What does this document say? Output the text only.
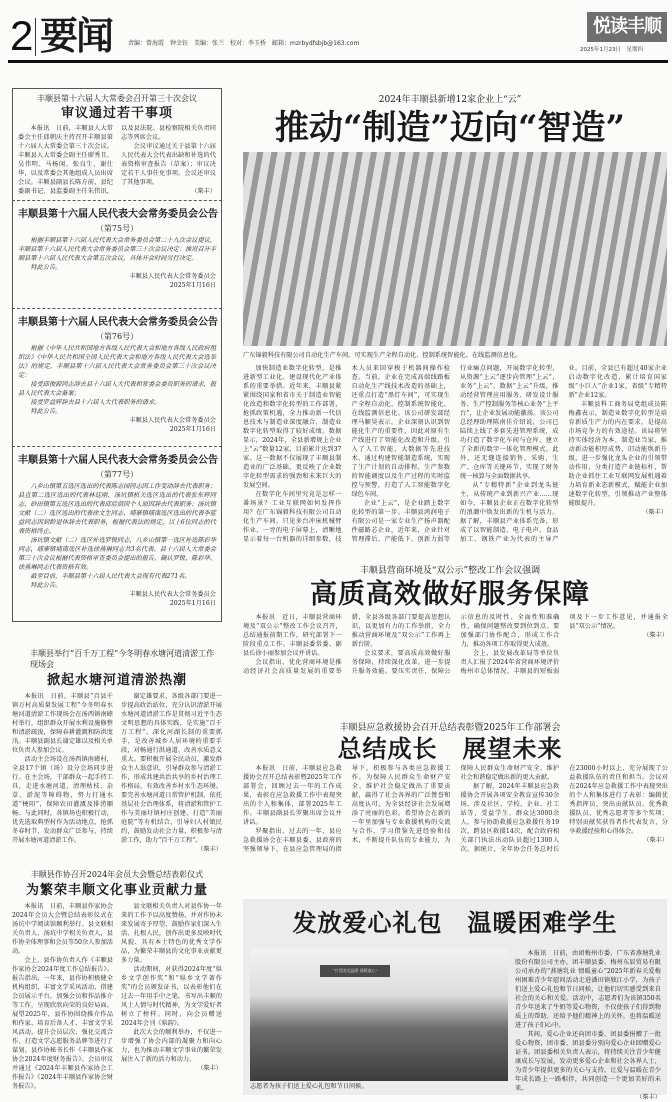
2 要闻	责编：曾海霞　钟幸钰　美编：张兰　校对：李玉桥　邮箱：mzrbydfsbjb@163.com
悦读丰顺
2025年1月23日　星期四
丰顺县第十六届人大常委会召开第三十次会议
审议通过若干事项

本报讯　日前，丰顺县人大常委会主任邱朝庆主持召开丰顺县第十六届人大常委会第三十次会议。丰顺县人大常委会副主任廖秀且、吴伟明、马杨闲、张良生、谢仕华，以及常委会其他组成人员出席会议。丰顺县副县长陈方前，县纪委副书记、县监委副主任朱伟讯，以及县法院、县检察院相关负责同志等列席会议。

会议审议通过关于县第十六届人民代表大会代表出缺和补选的代表资格审查报告（草案）；审议决定若干人事任免事项。会议还审议了其他事项。

（柴丰）

丰顺县第十六届人民代表大会常务委员会公告
（第75号）

根据丰顺县第十六届人民代表大会常务委员会第二十九次会议提议，丰顺县第十六届人民代表大会常务委员会第三十次会议决定：推迟召开丰顺县第十六届人民代表大会第五次会议，具体开会时间另行决定。

特此公告。

丰顺县人民代表大会常务委员会
2025年1月16日
丰顺县第十六届人民代表大会常务委员会公告
（第76号）

根据《中华人民共和国地方各级人民代表大会和地方各级人民政府组织法》《中华人民共和国全国人民代表大会和地方各级人民代表大会选举法》的规定，丰顺县第十六届人民代表大会常务委员会第三十次会议决定：

接受邱俊源同志辞去县十六届人大代表和常委会委员职务的请求，报县人民代表大会备案；

接受罗益辉辞去县十六届人大代表职务的请求。

特此公告。

丰顺县人民代表大会常务委员会
2025年1月16日
丰顺县第十六届人民代表大会常务委员会公告
（第77号）

八乡山镇第五选区选出的代表陈志园同志因工作变动辞去代表职务；县直第二选区选出的代表林廷刚、汤坑镇机关选区选出的代表张东辉同志、砂田镇第五选区选出的代表邱后荫因个人原因辞去代表职务；汤坑镇文献（二）选区选出的代表徐文生同志、埔寨镇埔南选区选出的代表李蓝益同志因到龄退休辞去代表职务，根据代表法的规定，以上6位同志的代表资格终止。

汤坑镇文献（二）选区补选罗锐同志，八乡山镇第一选区补选陈彩华同志，埔寨镇埔南选区补选徐燕琳同志共3名代表。县十六届人大常委会第三十次会议根据代表资格审查委员会提出的报告，确认罗锐、陈彩华、徐燕琳同志代表资格有效。

截至目前，丰顺县第十六届人民代表大会现有代表271名。

特此公告。

丰顺县人民代表大会常务委员会
2025年1月16日
丰顺县举行“百千万工程”今冬明春水塘河道清淤工作现场会
掀起水塘河道清淤热潮

本报讯　日前，丰顺县“百县千镇万村高质量发展工程”今冬明春水塘河道清淤工作现场会在汤西镇南礤村举行，组织群众开展水利设施修整和清淤疏浚，保障春耕灌溉和防洪度汛。丰顺县副县长谢定雄以及相关单位负责人参加会议。

活动主会场设在汤西镇南礤村，全县17个镇（场）设分会场同步进行。在主会场，干部群众一起手持工具，走进水塘河道，清理枯枝、杂草、淤泥等障碍物，努力打通水道“梗阻”，保障农田灌溉及排涝顺畅。与此同时，各镇场也积极行动，优先选取典型村作为活动地点，抢抓冬春时节，发动群众广泛参与，持续开展水塘河道清淤工作。

谢定雄要求，各级各部门要进一步提高政治站位，充分认识清淤开展水塘河道清淤工作是贯彻习近平生态文明思想的具体实践，是实施“百千万工程”、深化河湖长制的重要抓手，是改善城乡人居环境的重要手段，对畅通行洪通道、改善水质意义重大。要积极开展全民动员，激发群众主人翁意识，引导群众参与清淤工作，形成共建共治共享的乡村治理工作格局，有效改善乡村水生态环境。要完善水塘河道日常管护机制，依托基层社会治理体系，将清淤和管护工作与美丽圩镇村庄创建、打造“美丽庭院”等有机结合，引导妇人村娘民约，鼓励发动社会力量，积极参与清淤工作，助力“百千万工程”。

（柴丰）

丰顺县作协召开2024年会员大会暨总结表彰仪式
为繁荣丰顺文化事业贡献力量

本报讯　日前，丰顺县作家协会2024年会员大会暨总结表彰仪式在汤坑中学阅读馆顺利举行。县文联相关负责人、汤坑中学相关负责人，县作协全体理事和会员等50余人参加活动。

会上，县作协负责人作《丰顺县作家协会2024年度工作总结报告》。报告指出，一年来，县作协积极健全机构组织，丰富文学采风活动，搭建会员展示平台，加强会员和作品推介等工作，呈现欣欣向荣的良好局面。展望2025年，县作协围绕推介作品和作家、培育后备人才、丰富文学采风活动、提升会员层次、强化交流合作、打造文学志愿服务品牌等进行了谋划。县作协秘书长作《丰顺县作家协会2024年度财务报告》。会员审议并通过《2024年丰顺县作家协会工作报告》《2024年丰顺县作家协会财务报告》。

县文联相关负责人对县作协一年来的工作予以高度赞扬，并对作协未来发展寄予厚望，鼓励作家们深入生活、扎根人民，创作出更多反映时代风貌、具有本土特色的优秀文学作品，为繁荣丰顺县的文化事业贡献更多力量。

活动期间，对获得2024年度“県乡文学创作奖”和“県乡文学著作奖”的会员颁发证书，以表彰他们在过去一年用手中之笔，书写出丰顺的风土人情与时代精神，为文学爱好者树立了榜样。同时，向会员赠送2024年会刊《県韵》。

此次大会的顺利举办，不仅进一步增强了协会内部的凝聚力和向心力，也为推动丰顺文学事业的繁荣发展注入了新的活力和动力。

（柴丰）

2024年丰顺县新增12家企业上“云”
推动“制造”迈向“智造”
广东锦毅科技有限公司自动化生产车间，可实现生产全程自动化、控制系统智能化、在线监测信息化。

加快制造业数字化转型，是推进新型工业化、建设现代化产业体系的重要举措。近年来，丰顺县紧紧围绕国家和省市关于制造业智能化改造和数字化转型的工作部署，抢抓政策机遇，全力推动新一代信息技术与制造业深度融合，制造业数字化转型取得了较好成绩。数据显示，2024年，全县新增规上企业上“云”数量12家，目前累计达到37家。这一数据不仅展现了丰顺县制造业的广泛基础，更反映了企业数字化转型需求的强劲和未来巨大的发展空间。

在数字化车间里究竟是怎样一番场景？工业互联网如何发挥作用？在广东锦毅科技有限公司自动化生产车间，只见多台冲床机械臂作业，一旁的电子屏幕上，清晰地显示着每一台机器的详细参数，技术人员来回穿梭于机器间操作检查。当前，企业在完成高端线路板自动化生产线技术改造的基础上，还重点打造“黑灯车间”，可实现生产全程自动化、控制系统智能化、在线监测信息化。该公司研发部经理马颖昊表示，企业深刻认识到智能化生产的重要性，因此对原有生产线进行了智能化改造和升级，引入了人工智能、大数据等先进技术，通过构建智能制造系统，实现了生产计划的自动排程、生产参数的智能调度以及生产过程的实时监控与预警，打造了人工智能数字化绿色车间。

企业“上云”，是企业踏上数字化转型的第一步。丰顺县鸿润电子有限公司是一家专业生产扬声器配件磁路芯企业，近年来，企业针对管理滞后、产能低下、创新力弱等行业痛点问题，开展数字化转型，从资源“上云”逐步向管理“上云”、业务“上云”、数据“上云”升级，推动经营管理应用服务、研发设计服务、生产控制服务等核心业务“上平台”，让企业发展动能激荡。该公司总经理助理陈南佳介绍说，公司已陆续上线了多套先进管理系统，成功打造了数字化车间与仓库，建立了全新的数字一体化管理模式。此外，还无缝连接销售、采购、生产、仓库等关键环节，实现了财务统一核算与全面数据共享。

从“专精特新”企业到龙头链主，从传统产业到新兴产业……现如今，丰顺县企业正在数字化转型的浪潮中焕发出新的生机与活力。据了解，丰顺县产业体系完备，形成了以智能制造、电子电声、食品加工、钢铁产业为代表的主导产业。目前，全县已有超过40家企业启动数字化改造，累计培育国家级“小巨人”企业1家，省级“专精特新”企业12家。

丰顺县科工商务局党组成员陈梅鑫表示，制造业数字化转型是培育新质生产力的内在要求，是提高市场竞争力的有效途径。该局将坚持实体经济为本、制造业当家，推动新动能积厚成势、旧动能焕新升级，进一步强化龙头企业的引领带动作用，分类打造产业链标杆，帮助企业抓住工业互联网发展机遇着力培育新业态新模式，赋能企业加速数字化转型，引领推动产业整体能级提升。

（柴丰）

丰顺县营商环境及“双公示”整改工作会议强调
高质高效做好服务保障

本报讯　近日，丰顺县营商环境及“双公示”整改工作会议召开，总结通报前期工作，研究部署下一阶段重点工作。丰顺县委常委、副县长徐小丽参加会议并讲话。

会议指出，优化营商环境是推动经济社会高质量发展的重要举措，全县各级各部门要提高思想认识，以更加有力的工作举措，全力推动营商环境及“双公示”工作再上新台阶。

会议要求，要高质高效做好服务保障，持续深化改革，进一步提升服务效能。要压实责任，保障公示信息的及时性、全面性和准确性，确保问题整改要到位到点。要加强部门协作配合，形成工作合力，推动各项工作取得更大成效。

会上，县发展改革局等单位负责人汇报了2024年省营商环境评价梅州市总体情况、丰顺县的短板弱项及下一步工作意见，并通报全县“双公示”情况。

（柴丰）

丰顺县应急救援协会召开总结表彰暨2025年工作部署会
总结成长　展望未来

本报讯　日前，丰顺县应急救援协会召开总结表彰暨2025年工作部署会，回顾过去一年的工作成果，表彰在应急救援工作中表现突出的个人和集体，部署2025年工作。丰顺县副县长罗聚出席会议并讲话。

罗聚指出，过去的一年，县应急救援协会在丰顺县委、县政府的坚强领导下，在县应急管理局的指导下，积极参与各类应急救援工作，为保障人民群众生命财产安全、维护社会稳定做出了重要贡献，赢得了社会各界的广泛赞誉和高度认可，为全县经济社会发展增添了亮丽的色彩。希望协会在新的一年里加强与专业救援机构的交流与合作，学习借鉴先进经验和技术，不断提升队伍的专业能力，为保障人民群众生命财产安全、维护社会和谐稳定做出新的更大贡献。

据了解，2024年丰顺县应急救援协会开展各项安全教育宣传30余场，涉及社区、学校、企业、社工站等，受益学生、群众达3000余人。参与协助救援应急救援任务19次，跨县区救援14次，配合政府相关部门执法出动队员超过1300人次。据统计，全年协会任务总时长在23000小时以上，充分展现了公益救援队伍的责任和担当。会议对在2024年应急救援工作中表现突出的个人和集体进行了表彰：编辑优秀指挥员、突出贡献队员、优秀救援队员、优秀志愿者等多个奖项；特别贡献奖获得者作代表发言，分享救援经验和心得体会。

（柴丰）

发放爱心礼包　温暖困难学生
“共青团送温暖 情暖童心”
志愿者为孩子们送上爱心礼包和节日问候。

本报讯　日前，由团梅州市委、广东省燕塘乳业股份有限公司主办，团丰顺县委、梅州东辰贸易有限公司承办的“燕塘乳业 情暖童心”2025年新春关爱梅州困难青少年慰问活动走进潘田镇独江小学，为孩子们送上爱心礼包和节日问候，让他们切实感受到来自社会的关心和关爱。活动中，志愿者们为该镇350名青少年送来了牛奶等爱心物资，不仅使孩子们得到物质上的帮助，还给予他们精神上的关怀，也将温暖送进了孩子们心中。

其间，爱心企业还向团市委、团县委捐赠了一批爱心物资，团市委、团县委分别向爱心企业回赠爱心证书。团县委相关负责人表示，将持续关注青少年健康成长与发展，发动更多爱心企业和社会各界人士，为青少年提供更多的关心与支持，让爱与温暖在青少年成长路上一路相伴，共同创造一个更加美好的未来。

（柴丰）
